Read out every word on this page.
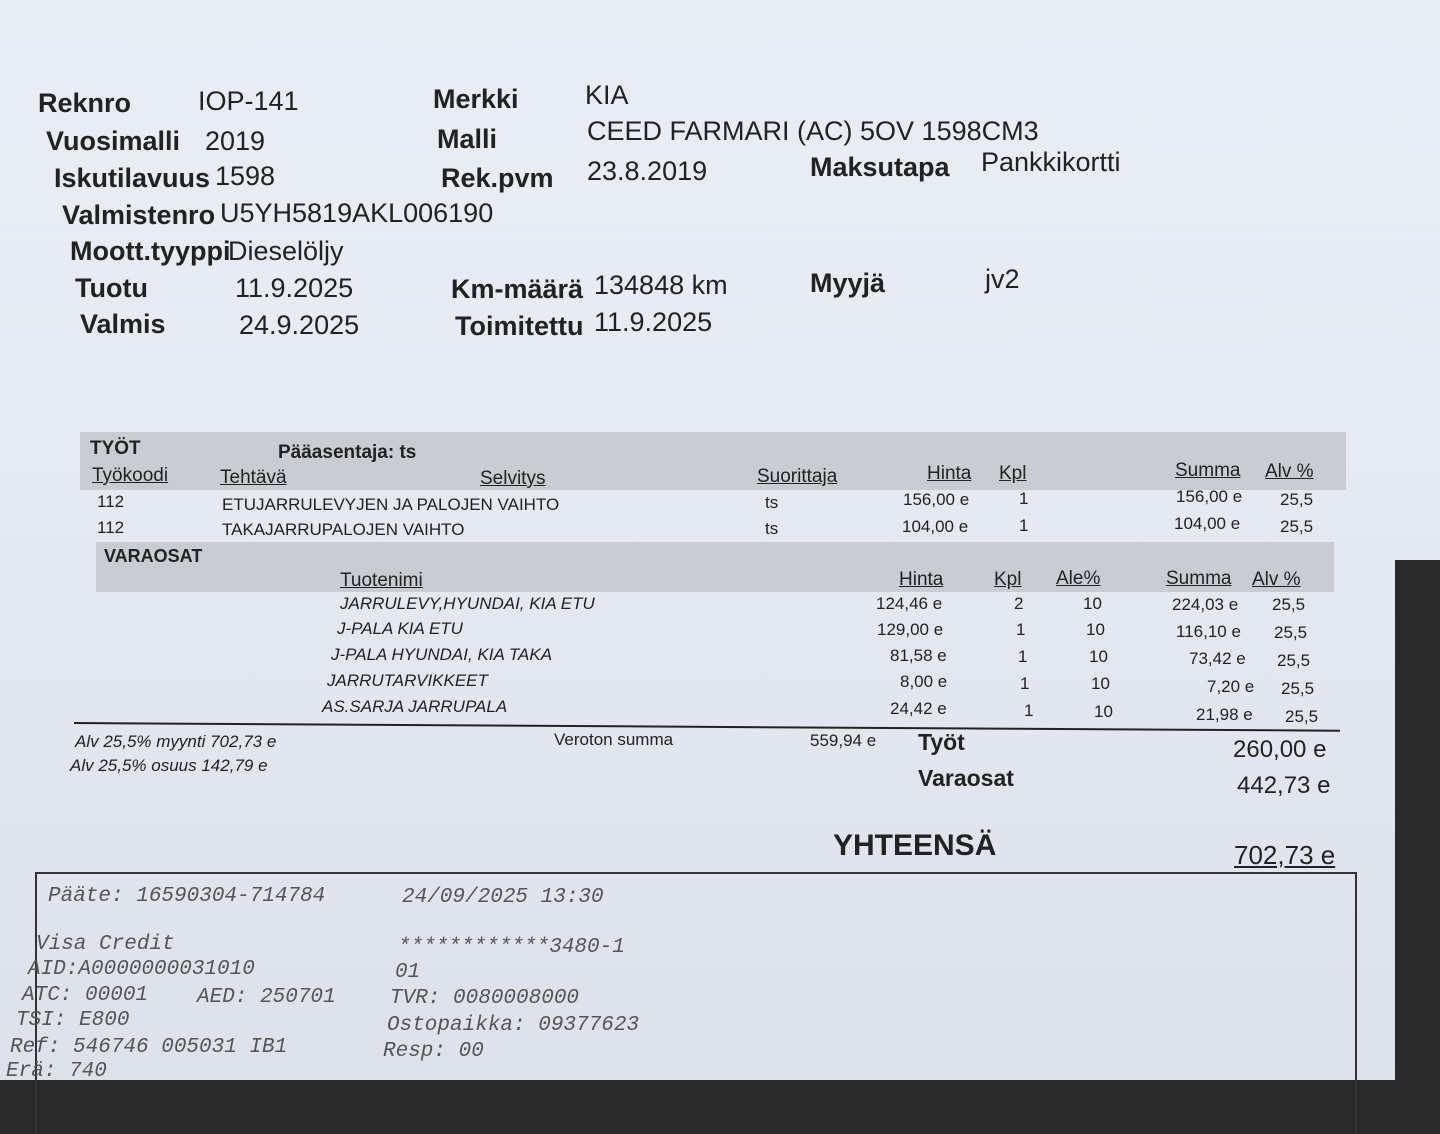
Reknro IOP-141	Merkki KIA
Vuosimalli 2019	Malli	CEED FARMARI (AC) 5OV 1598CM3
Iskutilavuus 1598	Rek.pvm 23.8.2019	Maksutapa Pankkikortti
Valmistenro U5YH5819AKL006190
Moott.tyyppi
Dieselöljy
Tuotu	11.9.2025	Km-määrä 134848 km	Myyjä	jv2
Valmis	24.9.2025	Toimitettu 11.9.2025
TYÖT	Pääasentaja: ts
Työkoodi	Tehtävä	Selvitys	Suorittaja	Hinta Kpl	Summa Alv %
112	ETUJARRULEVYJEN JA PALOJEN VAIHTO	ts	156,00 e	1	156,00 e 25,5
112	TAKAJARRUPALOJEN VAIHTO	ts	104,00 e	1	104,00 e 25,5
VARAOSAT
Tuotenimi	Hinta	Kpl Ale%	Summa Alv %
JARRULEVY,HYUNDAI, KIA ETU	124,46 e	2	10	224,03 e 25,5
J-PALA KIA ETU	129,00 e	1	10	116,10 e 25,5
J-PALA HYUNDAI, KIA TAKA	81,58 e	1	10	73,42 e 25,5
JARRUTARVIKKEET	8,00 e	1	10	7,20 e 25,5
AS.SARJA JARRUPALA	24,42 e	1	10	21,98 e 25,5
Alv 25,5% myynti 702,73 e
Alv 25,5% osuus 142,79 e
Veroton summa	559,94 e Työt	260,00 e
Varaosat	442,73 e
YHTEENSÄ	702,73 e
Pääte: 16590304-714784	24/09/2025 13:30
Visa Credit	************3480-1
AID:A0000000031010	01
ATC: 00001 AED: 250701	TVR: 0080008000
TSI: E800	Ostopaikka: 09377623
Ref: 546746 005031 IB1	Resp: 00
Erä: 740
